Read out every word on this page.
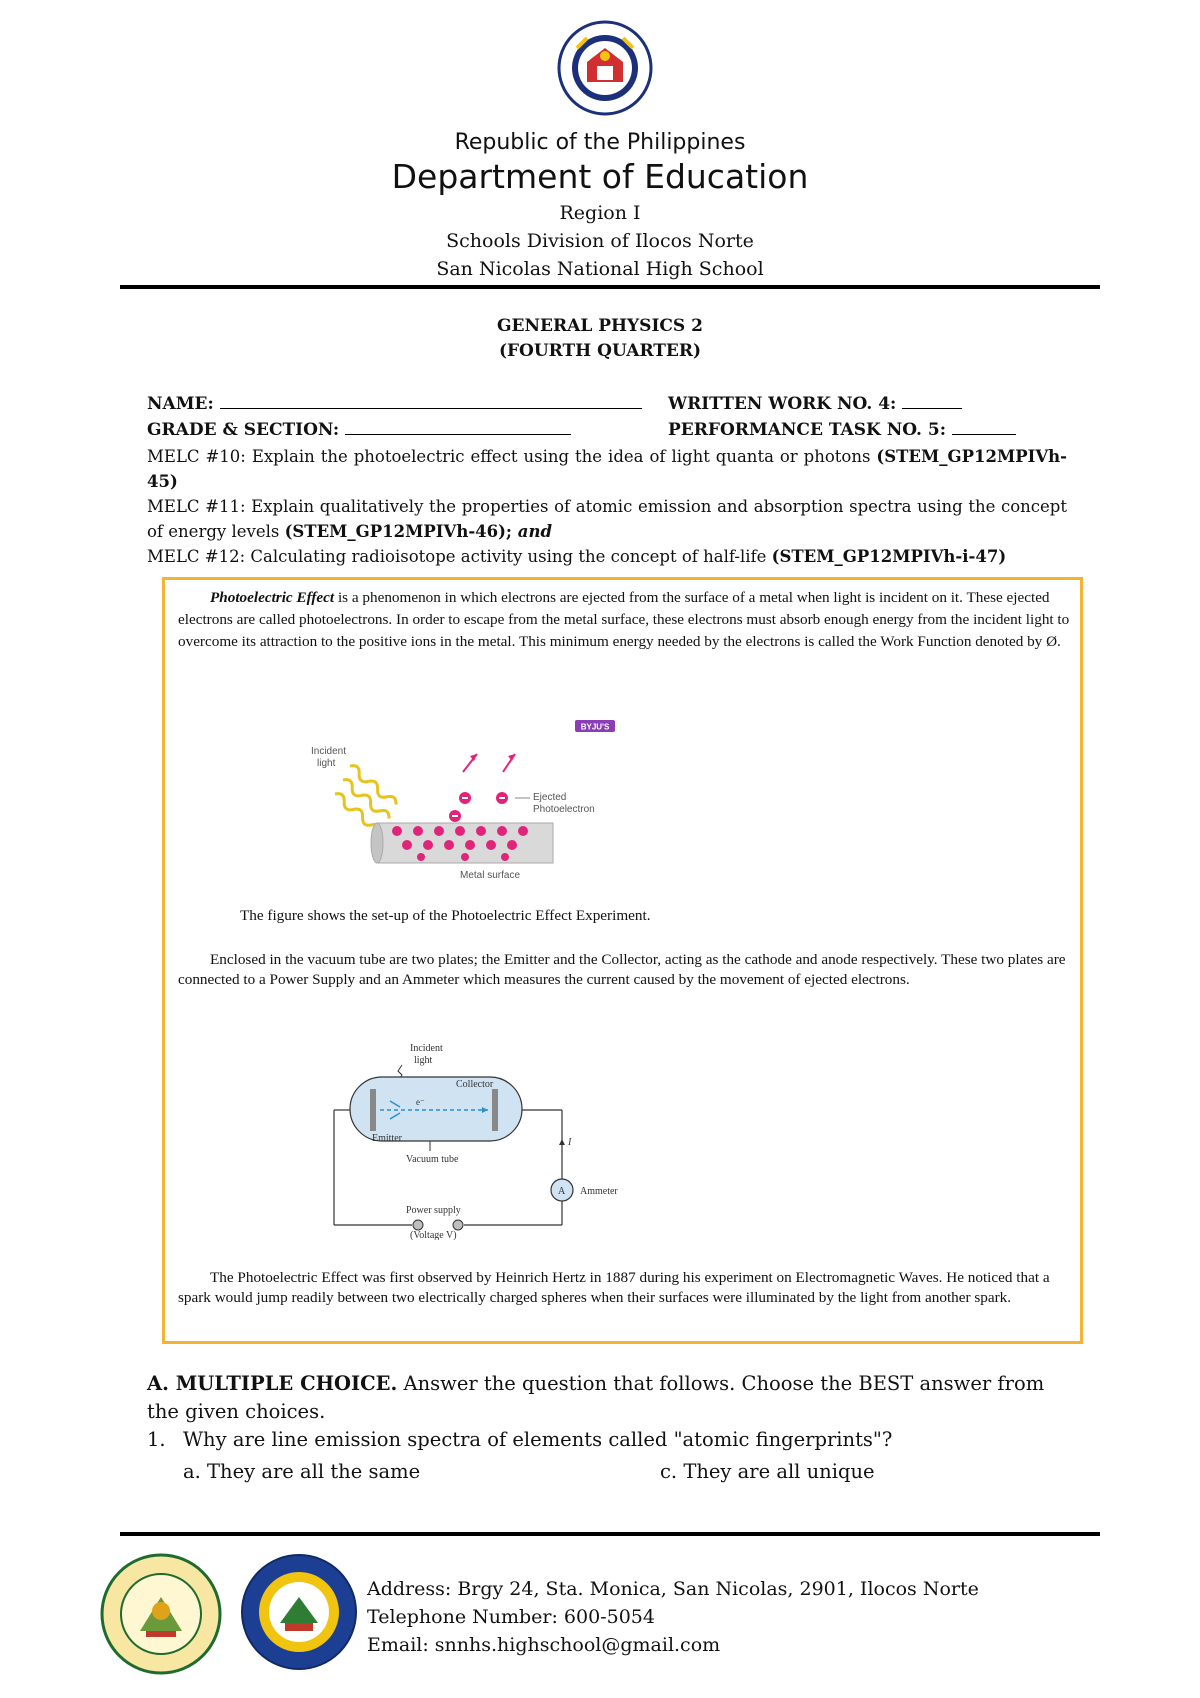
Republic of the Philippines
Department of Education
Region I
Schools Division of Ilocos Norte
San Nicolas National High School
GENERAL PHYSICS 2
(FOURTH QUARTER)
NAME:	WRITTEN WORK NO. 4:
GRADE & SECTION:	PERFORMANCE TASK NO. 5:
MELC #10: Explain the photoelectric effect using the idea of light quanta or photons (STEM_GP12MPIVh-45)
MELC #11: Explain qualitatively the properties of atomic emission and absorption spectra using the concept of energy levels (STEM_GP12MPIVh-46); and
MELC #12: Calculating radioisotope activity using the concept of half-life (STEM_GP12MPIVh-i-47)
Photoelectric Effect is a phenomenon in which electrons are ejected from the surface of a metal when light is incident on it. These ejected electrons are called photoelectrons. In order to escape from the metal surface, these electrons must absorb enough energy from the incident light to overcome its attraction to the positive ions in the metal. This minimum energy needed by the electrons is called the Work Function denoted by Ø.
BYJU'S
Incident
light
Ejected
Photoelectron
Metal surface
The figure shows the set-up of the Photoelectric Effect Experiment.
Enclosed in the vacuum tube are two plates; the Emitter and the Collector, acting as the cathode and anode respectively. These two plates are connected to a Power Supply and an Ammeter which measures the current caused by the movement of ejected electrons.
Incident
light
e⁻
Collector
Emitter
Vacuum tube
I
A Ammeter
Power supply
(Voltage V)
The Photoelectric Effect was first observed by Heinrich Hertz in 1887 during his experiment on Electromagnetic Waves. He noticed that a spark would jump readily between two electrically charged spheres when their surfaces were illuminated by the light from another spark.
A. MULTIPLE CHOICE. Answer the question that follows. Choose the BEST answer from the given choices.
1. Why are line emission spectra of elements called "atomic fingerprints"?
a. They are all the same	c. They are all unique
Address: Brgy 24, Sta. Monica, San Nicolas, 2901, Ilocos Norte
Telephone Number: 600-5054
Email: snnhs.highschool@gmail.com
